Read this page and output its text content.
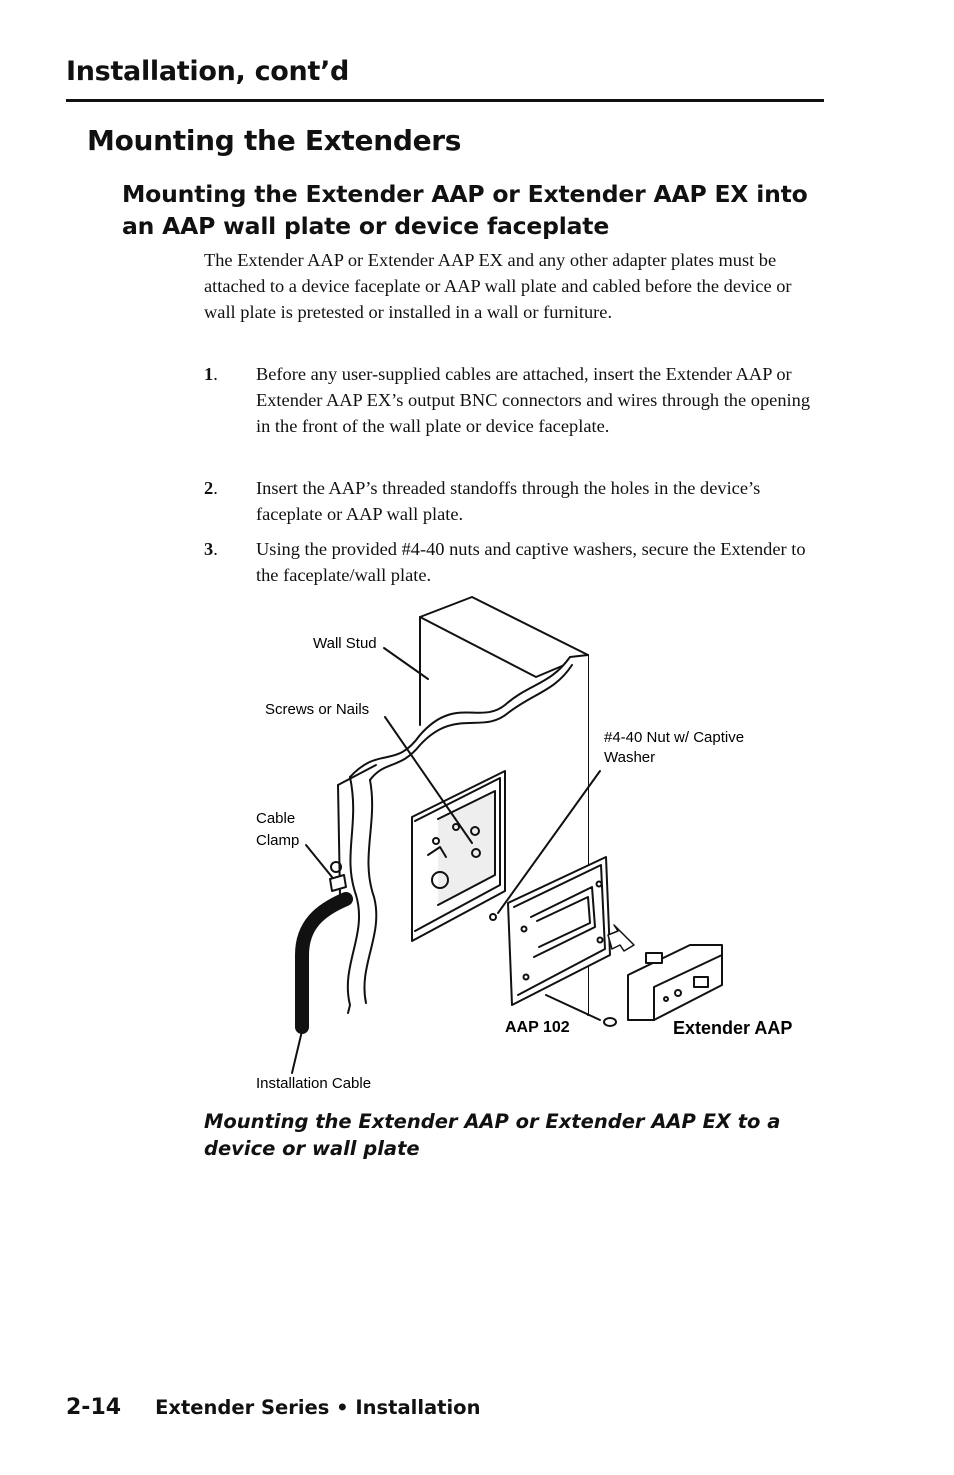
Installation, cont’d
Mounting the Extenders
Mounting the Extender AAP or Extender AAP EX into an AAP wall plate or device faceplate
The Extender AAP or Extender AAP EX and any other adapter plates must be attached to a device faceplate or AAP wall plate and cabled before the device or wall plate is pretested or installed in a wall or furniture.
1. Before any user-supplied cables are attached, insert the Extender AAP or Extender AAP EX’s output BNC connectors and wires through the opening in the front of the wall plate or device faceplate.
2. Insert the AAP’s threaded standoffs through the holes in the device’s faceplate or AAP wall plate.
3. Using the provided #4-40 nuts and captive washers, secure the Extender to the faceplate/wall plate.
Wall Stud
Screws or Nails
#4-40 Nut w/ Captive
Washer
Cable
Clamp
AAP 102	Extender AAP
Installation Cable
Mounting the Extender AAP or Extender AAP EX to a device or wall plate
2-14 Extender Series • Installation
